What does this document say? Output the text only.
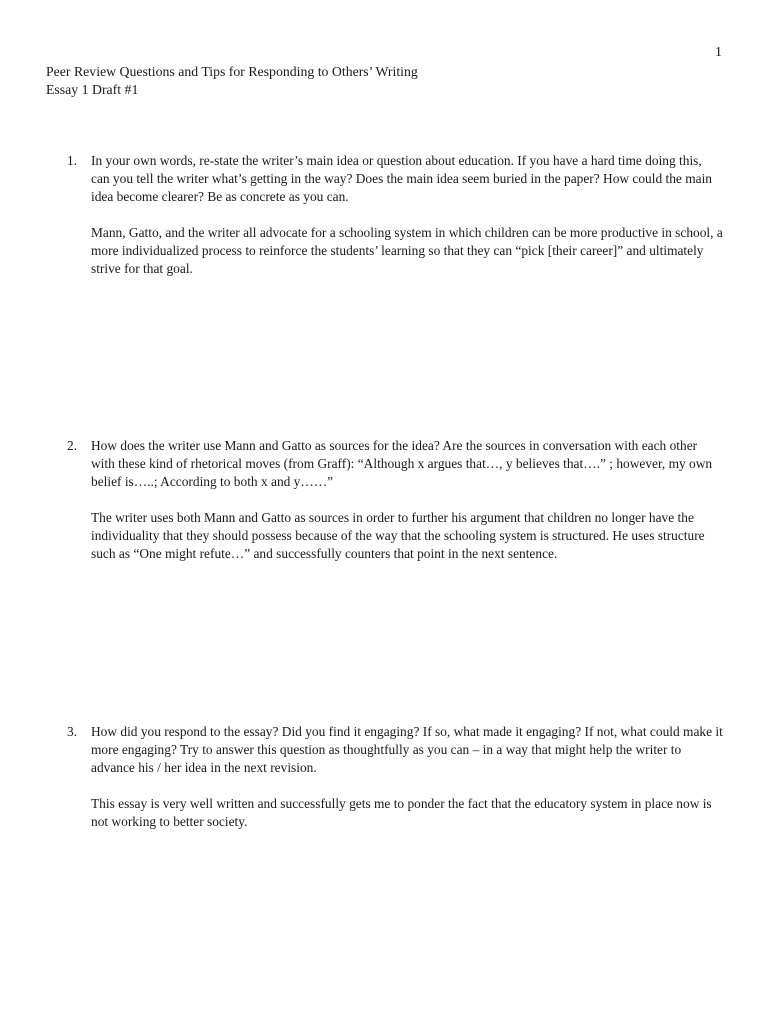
1
Peer Review Questions and Tips for Responding to Others’ Writing
Essay 1 Draft #1
1.	In your own words, re-state the writer’s main idea or question about education. If you have a hard time doing this, can you tell the writer what’s getting in the way? Does the main idea seem buried in the paper? How could the main idea become clearer? Be as concrete as you can.
Mann, Gatto, and the writer all advocate for a schooling system in which children can be more productive in school, a more individualized process to reinforce the students’ learning so that they can “pick [their career]” and ultimately strive for that goal.
2.	How does the writer use Mann and Gatto as sources for the idea? Are the sources in conversation with each other with these kind of rhetorical moves (from Graff): “Although x argues that…, y believes that….” ; however, my own belief is…..; According to both x and y……”
The writer uses both Mann and Gatto as sources in order to further his argument that children no longer have the individuality that they should possess because of the way that the schooling system is structured. He uses structure such as “One might refute…” and successfully counters that point in the next sentence.
3.	How did you respond to the essay? Did you find it engaging? If so, what made it engaging? If not, what could make it more engaging? Try to answer this question as thoughtfully as you can – in a way that might help the writer to advance his / her idea in the next revision.
This essay is very well written and successfully gets me to ponder the fact that the educatory system in place now is not working to better society.
